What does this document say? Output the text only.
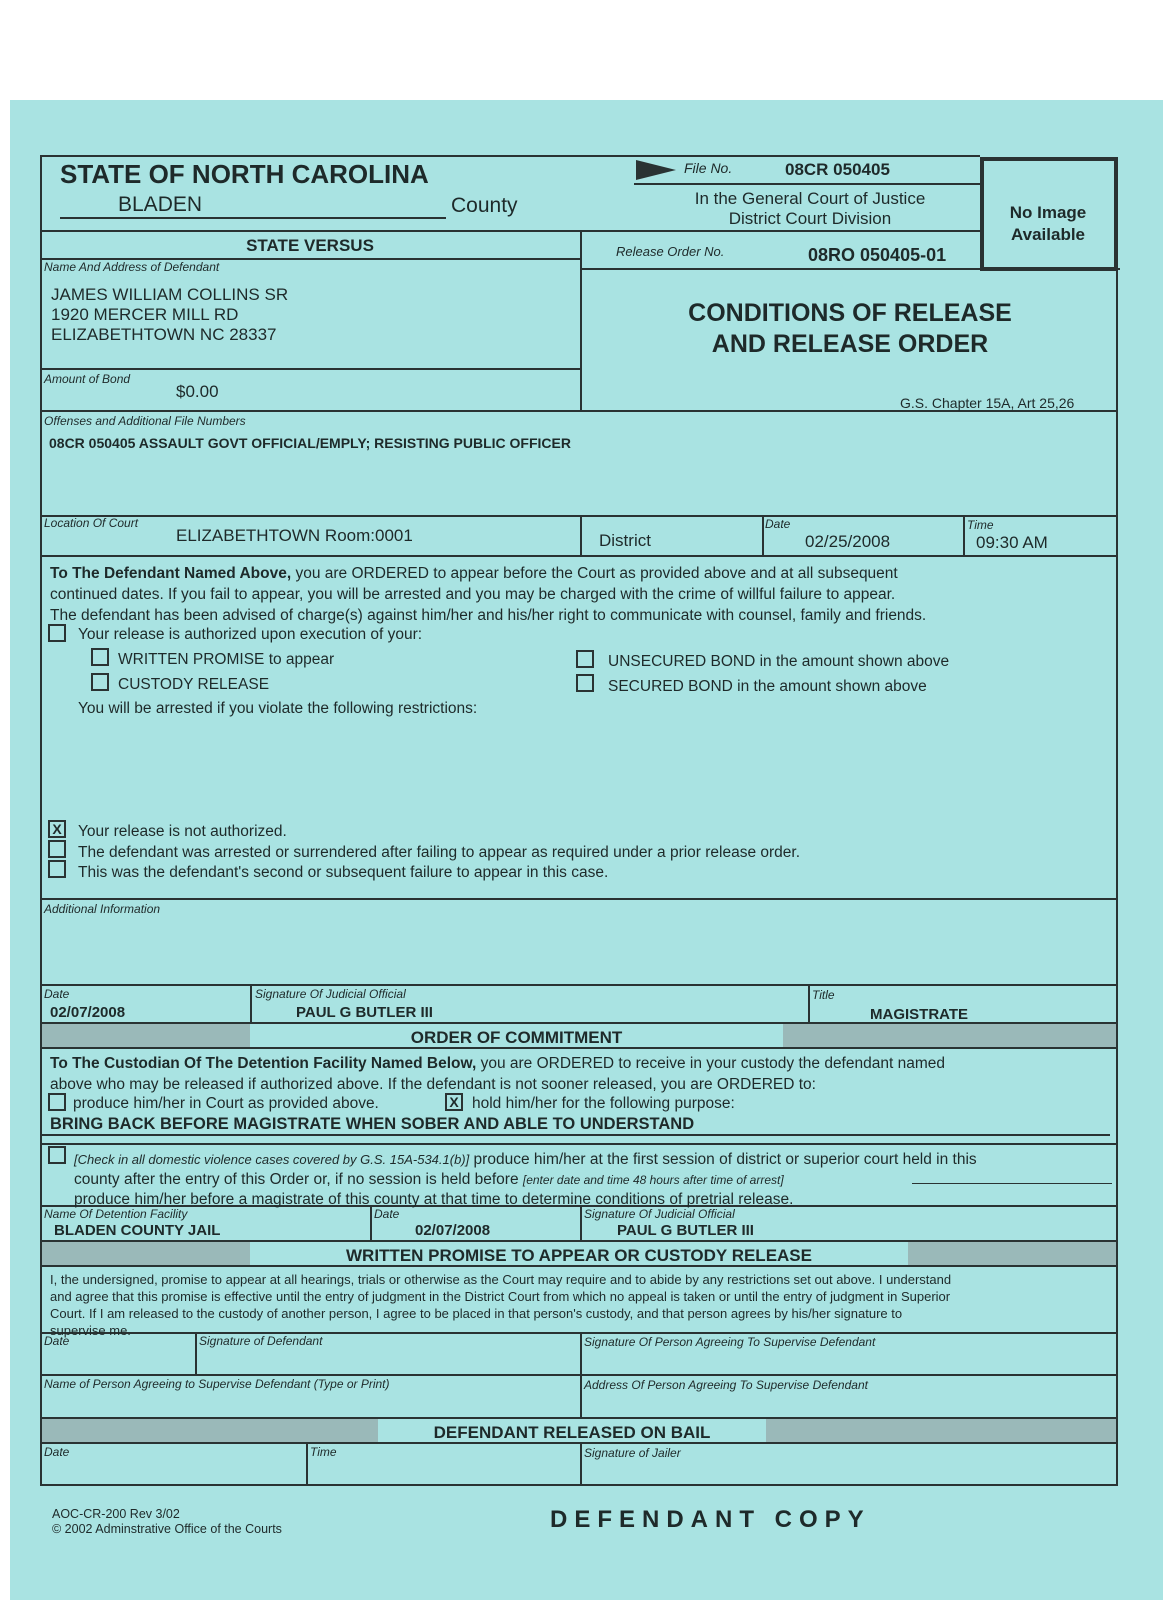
STATE OF NORTH CAROLINA
BLADEN	County
File No.	08CR 050405
In the General Court of Justice
District Court Division	No Image Available
STATE VERSUS	Release Order No.	08RO 050405-01
CONDITIONS OF RELEASE
AND RELEASE ORDER
G.S. Chapter 15A, Art 25,26
Name And Address of Defendant
JAMES WILLIAM COLLINS SR
1920 MERCER MILL RD
ELIZABETHTOWN NC 28337
Amount of Bond
$0.00
Offenses and Additional File Numbers
08CR 050405 ASSAULT GOVT OFFICIAL/EMPLY; RESISTING PUBLIC OFFICER
Location Of Court
ELIZABETHTOWN Room:0001	District
Date
02/25/2008
Time
09:30 AM
To The Defendant Named Above, you are ORDERED to appear before the Court as provided above and at all subsequent
continued dates. If you fail to appear, you will be arrested and you may be charged with the crime of willful failure to appear.
The defendant has been advised of charge(s) against him/her and his/her right to communicate with counsel, family and friends.
Your release is authorized upon execution of your:
WRITTEN PROMISE to appear
CUSTODY RELEASE
UNSECURED BOND in the amount shown above
SECURED BOND in the amount shown above
You will be arrested if you violate the following restrictions:
X Your release is not authorized.
The defendant was arrested or surrendered after failing to appear as required under a prior release order.
This was the defendant's second or subsequent failure to appear in this case.
Additional Information
Date
02/07/2008
Signature Of Judicial Official
PAUL G BUTLER III
Title
MAGISTRATE
ORDER OF COMMITMENT
To The Custodian Of The Detention Facility Named Below, you are ORDERED to receive in your custody the defendant named
above who may be released if authorized above. If the defendant is not sooner released, you are ORDERED to:
produce him/her in Court as provided above.	X hold him/her for the following purpose:
BRING BACK BEFORE MAGISTRATE WHEN SOBER AND ABLE TO UNDERSTAND
[Check in all domestic violence cases covered by G.S. 15A-534.1(b)] produce him/her at the first session of district or superior court held in this
county after the entry of this Order or, if no session is held before [enter date and time 48 hours after time of arrest]
produce him/her before a magistrate of this county at that time to determine conditions of pretrial release.
Name Of Detention Facility
BLADEN COUNTY JAIL
Date
02/07/2008
Signature Of Judicial Official
PAUL G BUTLER III
WRITTEN PROMISE TO APPEAR OR CUSTODY RELEASE
I, the undersigned, promise to appear at all hearings, trials or otherwise as the Court may require and to abide by any restrictions set out above. I understand
and agree that this promise is effective until the entry of judgment in the District Court from which no appeal is taken or until the entry of judgment in Superior
Court. If I am released to the custody of another person, I agree to be placed in that person's custody, and that person agrees by his/her signature to
supervise me.
Date	Signature of Defendant	Signature Of Person Agreeing To Supervise Defendant
Name of Person Agreeing to Supervise Defendant (Type or Print)	Address Of Person Agreeing To Supervise Defendant
DEFENDANT RELEASED ON BAIL
Date	Time	Signature of Jailer
AOC-CR-200 Rev 3/02
© 2002 Adminstrative Office of the Courts	DEFENDANT COPY
